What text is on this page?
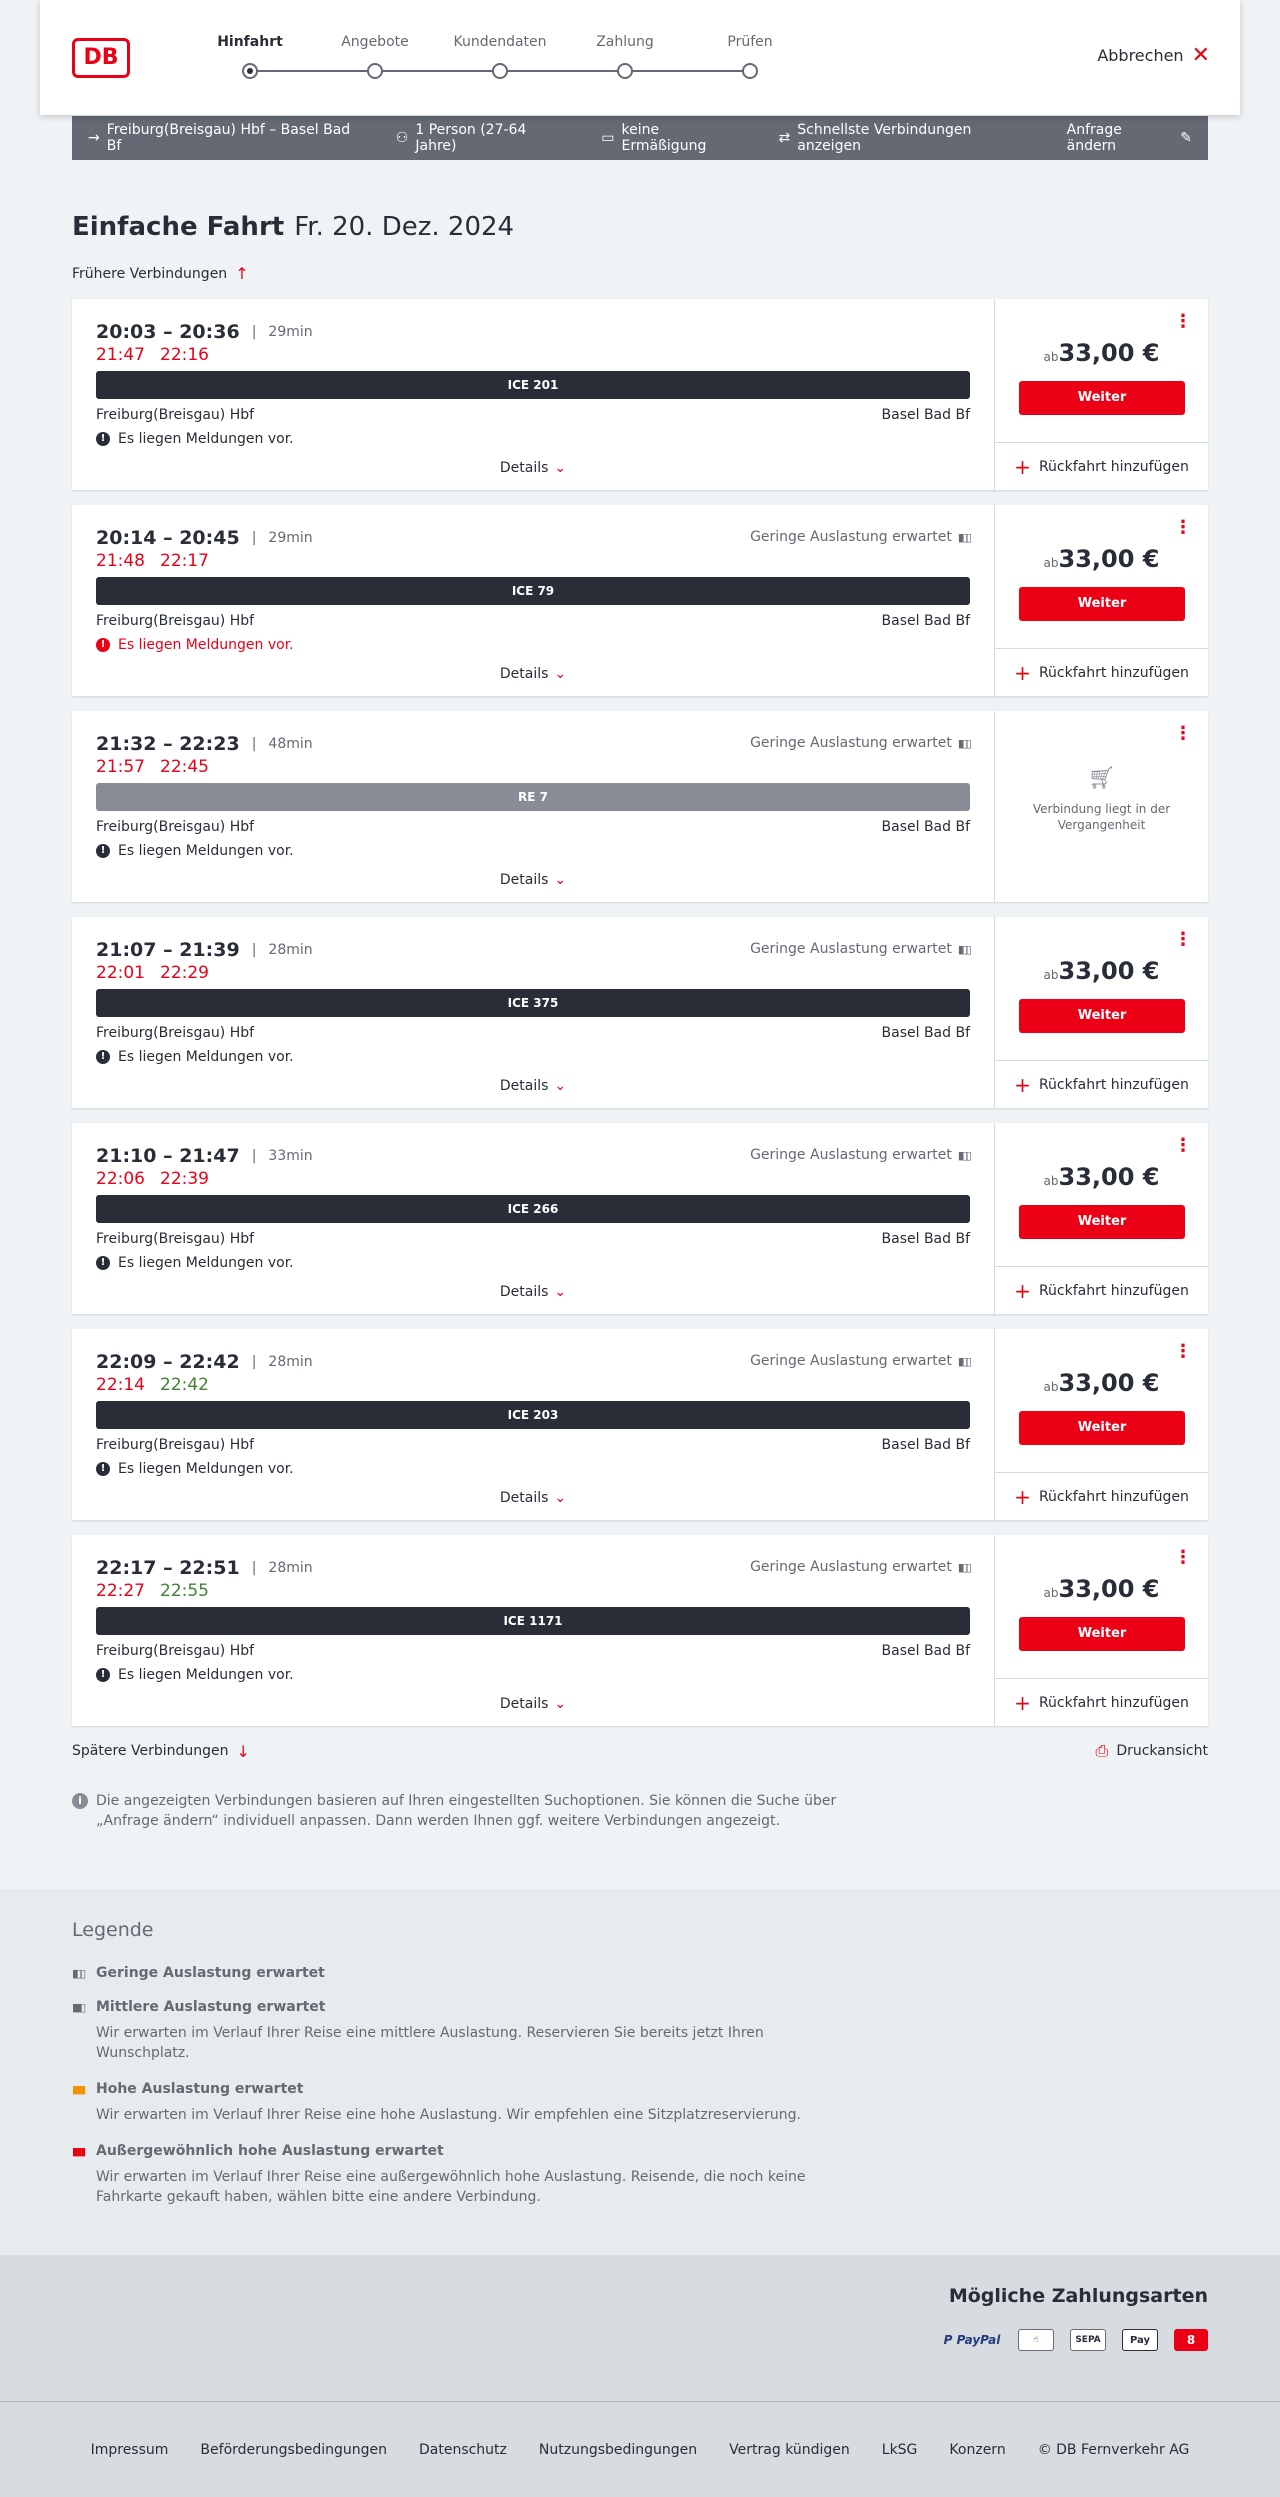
DB
Hinfahrt	Angebote	Kundendaten	Zahlung	Prüfen
Abbrechen ✕
→ Freiburg(Breisgau) Hbf – Basel Bad Bf	⚇ 1 Person (27-64 Jahre)	▭ keine Ermäßigung	⇄ Schnellste Verbindungen anzeigen
Anfrage ändern	✎
Einfache Fahrt Fr. 20. Dez. 2024
Frühere Verbindungen ↑
20:03 – 20:36 | 29min
21:47 22:16
ICE 201
Freiburg(Breisgau) Hbf	Basel Bad Bf
! Es liegen Meldungen vor.
Details ⌄
⋮
ab33,00 €
Weiter
+ Rückfahrt hinzufügen
20:14 – 20:45 | 29min	Geringe Auslastung erwartet ▮▯▯
21:48 22:17
ICE 79
Freiburg(Breisgau) Hbf	Basel Bad Bf
! Es liegen Meldungen vor.
Details ⌄
⋮
ab33,00 €
Weiter
+ Rückfahrt hinzufügen
21:32 – 22:23 | 48min	Geringe Auslastung erwartet ▮▯▯
21:57 22:45
RE 7
Freiburg(Breisgau) Hbf	Basel Bad Bf
! Es liegen Meldungen vor.
Details ⌄
⋮
🛒︎
Verbindung liegt in der Vergangenheit
21:07 – 21:39 | 28min	Geringe Auslastung erwartet ▮▯▯
22:01 22:29
ICE 375
Freiburg(Breisgau) Hbf	Basel Bad Bf
! Es liegen Meldungen vor.
Details ⌄
⋮
ab33,00 €
Weiter
+ Rückfahrt hinzufügen
21:10 – 21:47 | 33min	Geringe Auslastung erwartet ▮▯▯
22:06 22:39
ICE 266
Freiburg(Breisgau) Hbf	Basel Bad Bf
! Es liegen Meldungen vor.
Details ⌄
⋮
ab33,00 €
Weiter
+ Rückfahrt hinzufügen
22:09 – 22:42 | 28min	Geringe Auslastung erwartet ▮▯▯
22:14 22:42
ICE 203
Freiburg(Breisgau) Hbf	Basel Bad Bf
! Es liegen Meldungen vor.
Details ⌄
⋮
ab33,00 €
Weiter
+ Rückfahrt hinzufügen
22:17 – 22:51 | 28min	Geringe Auslastung erwartet ▮▯▯
22:27 22:55
ICE 1171
Freiburg(Breisgau) Hbf	Basel Bad Bf
! Es liegen Meldungen vor.
Details ⌄
⋮
ab33,00 €
Weiter
+ Rückfahrt hinzufügen
Spätere Verbindungen ↓	⎙ Druckansicht
i	Die angezeigten Verbindungen basieren auf Ihren eingestellten Suchoptionen. Sie können die Suche über „Anfrage ändern“ individuell anpassen. Dann werden Ihnen ggf. weitere Verbindungen angezeigt.
Legende
▮▯▯ Geringe Auslastung erwartet
▮▮▯ Mittlere Auslastung erwartet

Wir erwarten im Verlauf Ihrer Reise eine mittlere Auslastung. Reservieren Sie bereits jetzt Ihren Wunschplatz.

▮▮▮ Hohe Auslastung erwartet

Wir erwarten im Verlauf Ihrer Reise eine hohe Auslastung. Wir empfehlen eine Sitzplatzreservierung.

▮▮▮ Außergewöhnlich hohe Auslastung erwartet

Wir erwarten im Verlauf Ihrer Reise eine außergewöhnlich hohe Auslastung. Reisende, die noch keine Fahrkarte gekauft haben, wählen bitte eine andere Verbindung.

Mögliche Zahlungsarten
P PayPal	☝	SEPA	Pay	8
Impressum Beförderungsbedingungen Datenschutz Nutzungsbedingungen Vertrag kündigen LkSG Konzern © DB Fernverkehr AG
